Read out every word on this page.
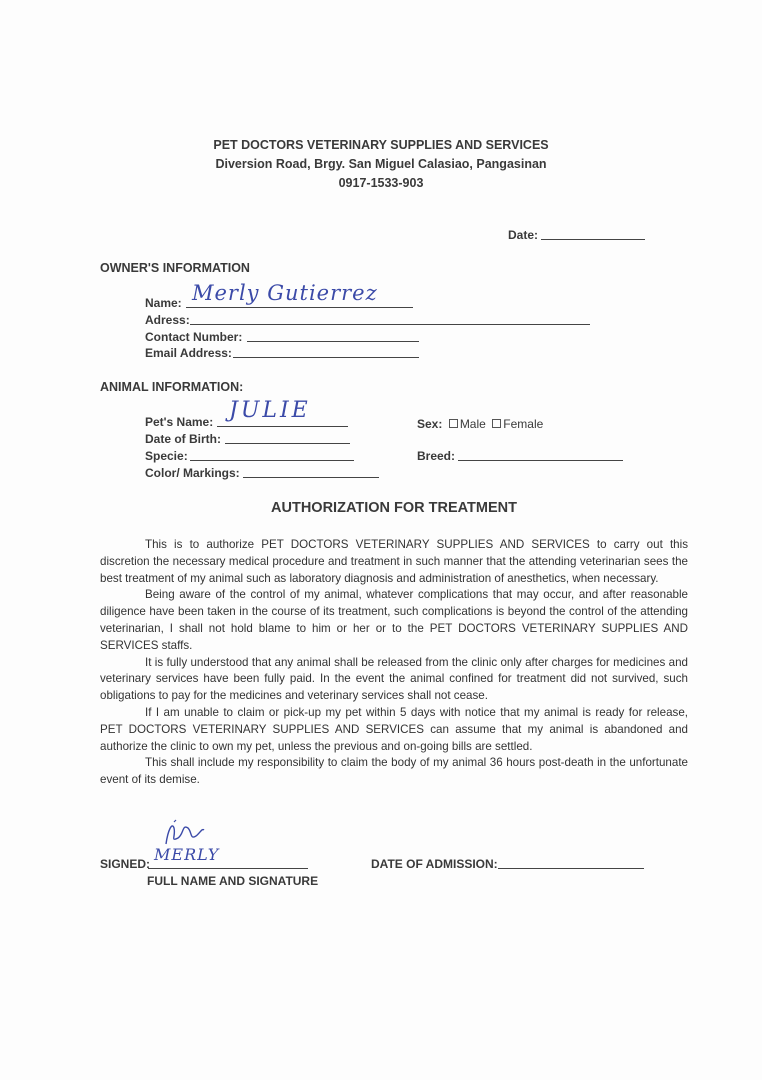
PET DOCTORS VETERINARY SUPPLIES AND SERVICES
Diversion Road, Brgy. San Miguel Calasiao, Pangasinan
0917-1533-903
Date:
OWNER'S INFORMATION
Name: Merly Gutierrez
Adress:
Contact Number:
Email Address:
ANIMAL INFORMATION:
Pet's Name: JULIE
Date of Birth:
Specie:
Color/ Markings:
Sex: Male Female
Breed:
AUTHORIZATION FOR TREATMENT

This is to authorize PET DOCTORS VETERINARY SUPPLIES AND SERVICES to carry out this discretion the necessary medical procedure and treatment in such manner that the attending veterinarian sees the best treatment of my animal such as laboratory diagnosis and administration of anesthetics, when necessary.

Being aware of the control of my animal, whatever complications that may occur, and after reasonable diligence have been taken in the course of its treatment, such complications is beyond the control of the attending veterinarian, I shall not hold blame to him or her or to the PET DOCTORS VETERINARY SUPPLIES AND SERVICES staffs.

It is fully understood that any animal shall be released from the clinic only after charges for medicines and veterinary services have been fully paid. In the event the animal confined for treatment did not survived, such obligations to pay for the medicines and veterinary services shall not cease.

If I am unable to claim or pick-up my pet within 5 days with notice that my animal is ready for release, PET DOCTORS VETERINARY SUPPLIES AND SERVICES can assume that my animal is abandoned and authorize the clinic to own my pet, unless the previous and on-going bills are settled.

This shall include my responsibility to claim the body of my animal 36 hours post-death in the unfortunate event of its demise.

SIGNED: MERLY
FULL NAME AND SIGNATURE
DATE OF ADMISSION:
